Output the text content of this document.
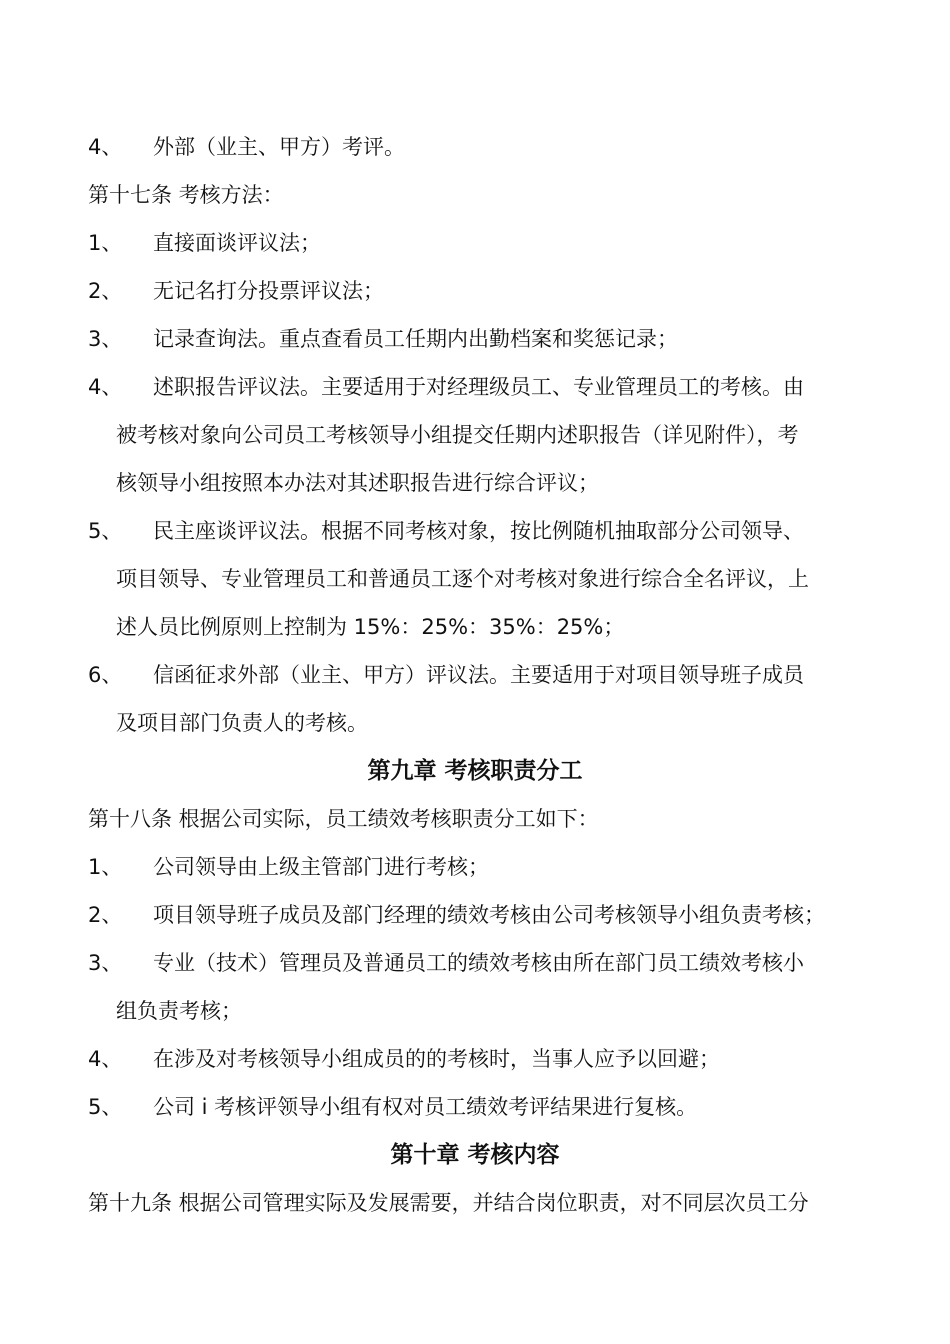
4、 外部（业主、甲方）考评。
第十七条 考核方法：
1、 直接面谈评议法；
2、 无记名打分投票评议法；
3、 记录查询法。重点查看员工任期内出勤档案和奖惩记录；
4、 述职报告评议法。主要适用于对经理级员工、专业管理员工的考核。由
被考核对象向公司员工考核领导小组提交任期内述职报告（详见附件），考
核领导小组按照本办法对其述职报告进行综合评议；
5、 民主座谈评议法。根据不同考核对象，按比例随机抽取部分公司领导、
项目领导、专业管理员工和普通员工逐个对考核对象进行综合全名评议，上
述人员比例原则上控制为 15%：25%：35%：25%；
6、 信函征求外部（业主、甲方）评议法。主要适用于对项目领导班子成员
及项目部门负责人的考核。
第九章 考核职责分工
第十八条 根据公司实际，员工绩效考核职责分工如下：
1、 公司领导由上级主管部门进行考核；
2、 项目领导班子成员及部门经理的绩效考核由公司考核领导小组负责考核；
3、 专业（技术）管理员及普通员工的绩效考核由所在部门员工绩效考核小
组负责考核；
4、 在涉及对考核领导小组成员的的考核时，当事人应予以回避；
5、 公司 i 考核评领导小组有权对员工绩效考评结果进行复核。
第十章 考核内容
第十九条 根据公司管理实际及发展需要，并结合岗位职责，对不同层次员工分
